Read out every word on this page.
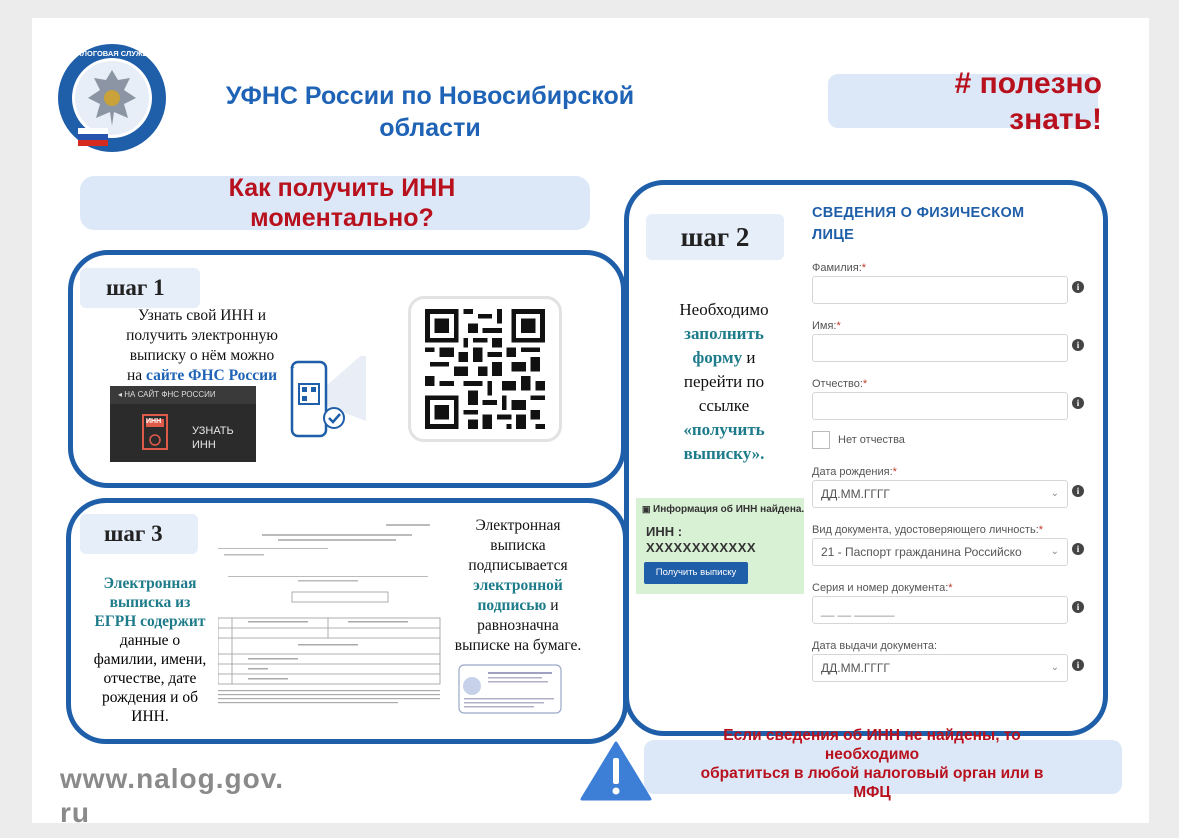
НАЛОГОВАЯ СЛУЖБА
УФНС России по Новосибирской
области
# полезно
знать!
Как получить ИНН
моментально?
шаг 1
Узнать свой ИНН и
получить электронную
выписку о нём можно
на сайте ФНС России
◂ НА САЙТ ФНС РОССИИ
ИНН
УЗНАТЬ
ИНН
+
шаг 3
Электронная
выписка из
ЕГРН содержит
данные о
фамилии, имени,
отчестве, дате
рождения и об
ИНН.
Электронная
выписка
подписывается
электронной
подписью и
равнозначна
выписке на бумаге.
шаг 2
Необходимо
заполнить
форму и
перейти по
ссылке
«получить
выписку».
▣ Информация об ИНН найдена.
ИНН :
XXXXXXXXXXXX
Получить выписку
СВЕДЕНИЯ О ФИЗИЧЕСКОМ
ЛИЦЕ
Фамилия:*
i
Имя:*
i
Отчество:*
i
Нет отчества
Дата рождения:*
ДД.ММ.ГГГГ	⌄	i
Вид документа, удостоверяющего личность:*
21 - Паспорт гражданина Российско	⌄	i
Серия и номер документа:*
__ __ ______	i
Дата выдачи документа:
ДД.ММ.ГГГГ	⌄	i
Если сведения об ИНН не найдены, то
необходимо
обратиться в любой налоговый орган или в
МФЦ
www.nalog.gov.
ru
